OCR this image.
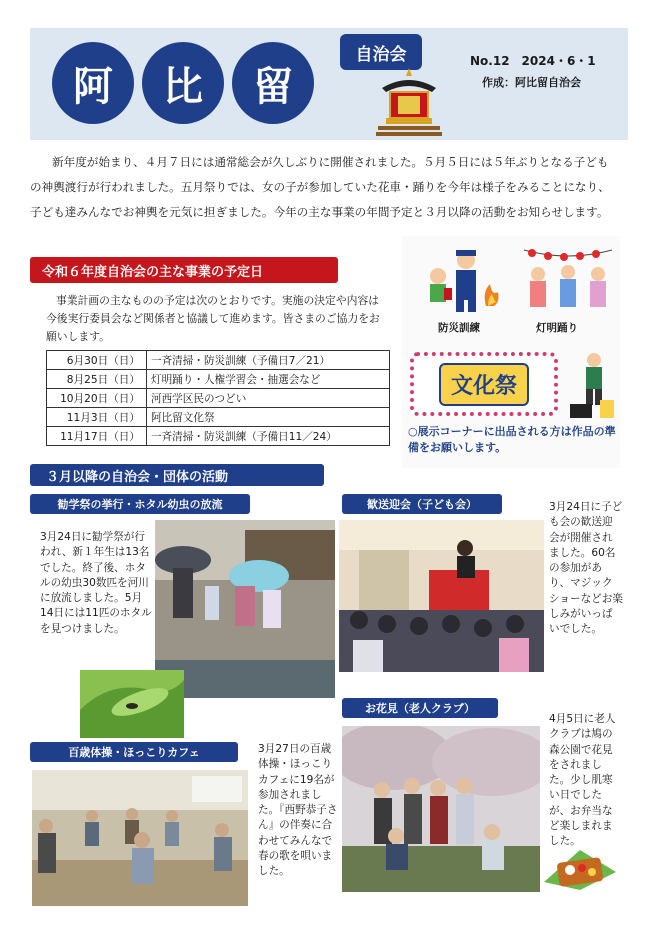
阿	比	留
自治会	No.12　2024・6・1
作成：阿比留自治会
新年度が始まり、４月７日には通常総会が久しぶりに開催されました。５月５日には５年ぶりとなる子どもの神輿渡行が行われました。五月祭りでは、女の子が参加していた花車・踊りを今年は様子をみることになり、子ども達みんなでお神輿を元気に担ぎました。今年の主な事業の年間予定と３月以降の活動をお知らせします。
令和６年度自治会の主な事業の予定日
事業計画の主なものの予定は次のとおりです。実施の決定や内容は今後実行委員会など関係者と協議して進めます。皆さまのご協力をお願いします。
6月30日（日）	一斉清掃・防災訓練（予備日7／21）
8月25日（日）	灯明踊り・人権学習会・抽選会など
10月20日（日）	河西学区民のつどい
11月3日（日）	阿比留文化祭
11月17日（日）	一斉清掃・防災訓練（予備日11／24）
防災訓練	灯明踊り
文化祭
○展示コーナーに出品される方は作品の準備をお願いします。
３月以降の自治会・団体の活動
勧学祭の挙行・ホタル幼虫の放流
3月24日に勧学祭が行われ、新１年生は13名でした。終了後、ホタルの幼虫30数匹を河川に放流しました。5月14日には11匹のホタルを見つけました。
歓送迎会（子ども会）	3月24日に子ども会の歓送迎会が開催されました。60名の参加があり、マジックショーなどお楽しみがいっぱいでした。
お花見（老人クラブ）
4月5日に老人クラブは鳩の森公園で花見をされました。少し肌寒い日でしたが、お弁当など楽しまれました。
百歳体操・ほっこりカフェ	3月27日の百歳体操・ほっこりカフェに19名が参加されました。『西野恭子さん』の伴奏に合わせてみんなで春の歌を唄いました。
